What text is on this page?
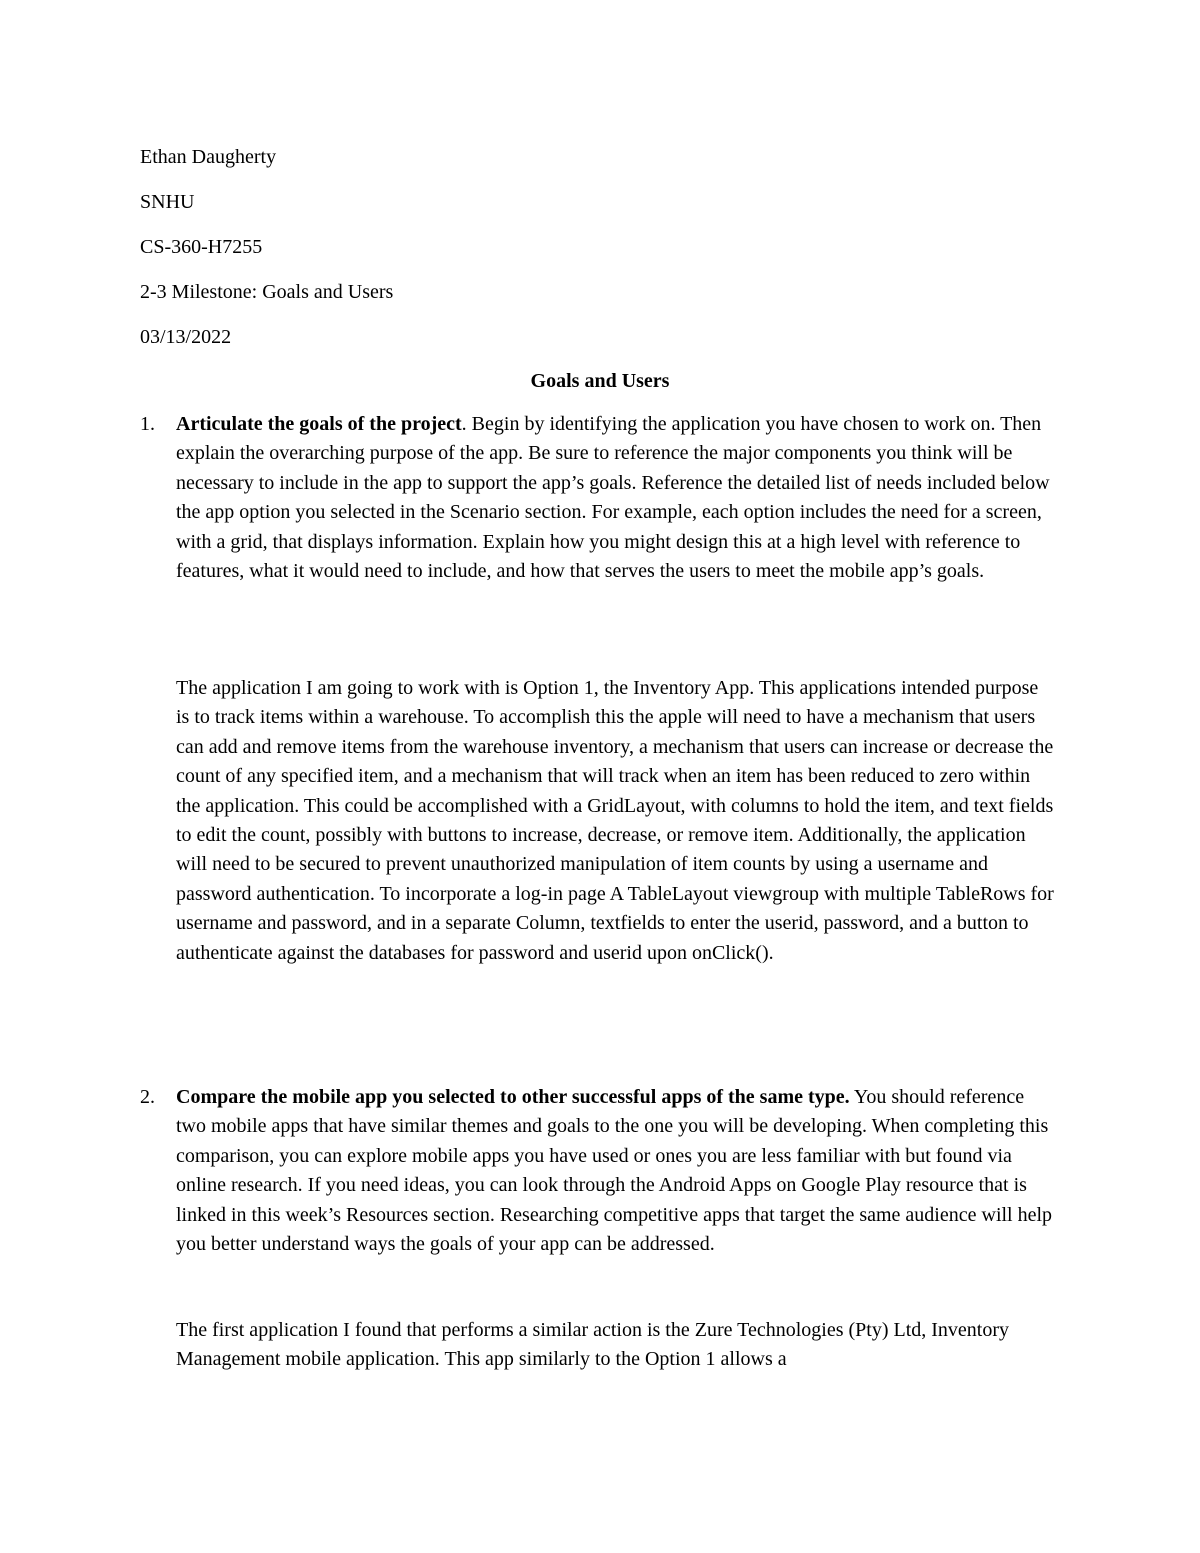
Ethan Daugherty
SNHU
CS-360-H7255
2-3 Milestone: Goals and Users
03/13/2022
Goals and Users
1. Articulate the goals of the project. Begin by identifying the application you have chosen to work on. Then explain the overarching purpose of the app. Be sure to reference the major components you think will be necessary to include in the app to support the app’s goals. Reference the detailed list of needs included below the app option you selected in the Scenario section. For example, each option includes the need for a screen, with a grid, that displays information. Explain how you might design this at a high level with reference to features, what it would need to include, and how that serves the users to meet the mobile app’s goals.

The application I am going to work with is Option 1, the Inventory App. This applications intended purpose is to track items within a warehouse. To accomplish this the apple will need to have a mechanism that users can add and remove items from the warehouse inventory, a mechanism that users can increase or decrease the count of any specified item, and a mechanism that will track when an item has been reduced to zero within the application. This could be accomplished with a GridLayout, with columns to hold the item, and text fields to edit the count, possibly with buttons to increase, decrease, or remove item. Additionally, the application will need to be secured to prevent unauthorized manipulation of item counts by using a username and password authentication. To incorporate a log-in page A TableLayout viewgroup with multiple TableRows for username and password, and in a separate Column, textfields to enter the userid, password, and a button to authenticate against the databases for password and userid upon onClick().

2. Compare the mobile app you selected to other successful apps of the same type. You should reference two mobile apps that have similar themes and goals to the one you will be developing. When completing this comparison, you can explore mobile apps you have used or ones you are less familiar with but found via online research. If you need ideas, you can look through the Android Apps on Google Play resource that is linked in this week’s Resources section. Researching competitive apps that target the same audience will help you better understand ways the goals of your app can be addressed.

The first application I found that performs a similar action is the Zure Technologies (Pty) Ltd, Inventory Management mobile application. This app similarly to the Option 1 allows a
